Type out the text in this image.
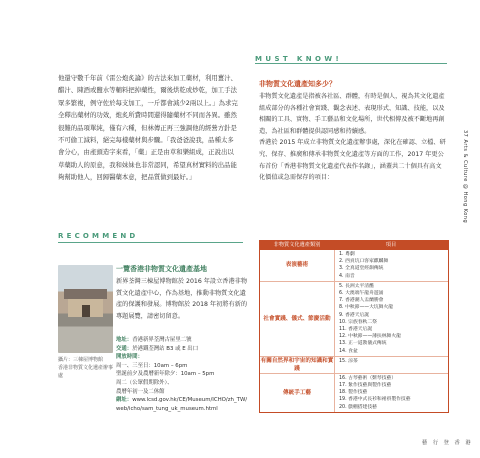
他還守數千年前《雷公炮炙論》的古法來加工藥材，利用薑汁、醋汁、陳酒或鹽水等輔料把掉藥性，爾後烘乾或炒乾，加工手法眾多繁複，例守佐於每支加工，一斤都會減少2兩以上。」為求完全釋出藥材的功效，炮炙所費時間還得隨藥材不同而各異。雖然很難的品項單純，僅有六種，但林傳正再三強調他的經營方針是不可偷工減料，絕完每樣藥材與步驟。「我爸爸說我，品種太多會分心，由產頭造字來看，「藥」正是由草和樂組成，正說出以草藥助人的原意，我和妹妹也非常認同，希望真材實料的出品能夠幫助他人，回歸醫藥本意，把品質做到最好。」

RECOMMEND
攝片：三棟屋博物館
香港非物質文化遺產辦事處
一覽香港非物質文化遺產基地
新界荃灣三棟屋博物館於 2016 年設立香港非物質文化遺產中心，作為基地，推動非物質文化遺產的保護和發展。博物館於 2018 年初將有新的專題展覽，請密切留意。
地址：香港新界荃灣古屋里二號
交通：於港鐵荃灣站 B3 或 E 出口
開放時間：
周一、三至日：10am – 6pm
聖誕前夕及農曆新年除夕：10am – 5pm
周二（公眾假期除外）、
農曆年初一及二休館
網址：www.lcsd.gov.hk/CE/Museum/ICHO/zh_TW/web/icho/sam_tung_uk_museum.html
MUST KNOW!
非物質文化遺產知多少？
非物質文化遺產是指被各社區、群體，有時是個人，視為其文化遺產組成部分的各種社會實踐、觀念表述、表現形式、知識、技能，以及相關的工具、實物、手工藝品和文化場所，世代相傳及被不斷地再創造，為社區和群體提供認同感和持續感。
香港於 2015 年成立非物質文化遺產辦事處，深化在確認、立檔、研究、保存、推廣和傳承非物質文化遺產等方面的工作，2017 年更公布首份「香港非物質文化遺產代表作名錄」，涵蓋共二十個具有高文化價值或急需保存的項目：
非物質文化遺產類別	項目
表演藝術
1. 粵劇
2. 西貢坑口客家麒麟舞
3. 全真道堂經韻傳統
4. 南音
社會實踐、儀式、節慶活動
5. 長洲太平清醮
6. 大澳端午龍舟遊涌
7. 香港潮人盂蘭勝會
8. 中秋節——大坑舞火龍
9. 香港天后誕
10. 宗族春秋二祭
11. 香港天后誕
12. 中秋節——薄扶林舞火龍
13. 正一道教儀式傳統
14. 食盆
有關自然界和宇宙的知識和實踐
15. 涼茶
傳統手工藝
16. 古琴藝術（斲琴技藝）
17. 紮作技藝與製作技藝
18. 製作技藝
19. 香港中式長衫和裙褂製作技藝
20. 戲棚搭建技藝
37 Arts & Culture @ Hong Kong
藝 行 登 香 港
